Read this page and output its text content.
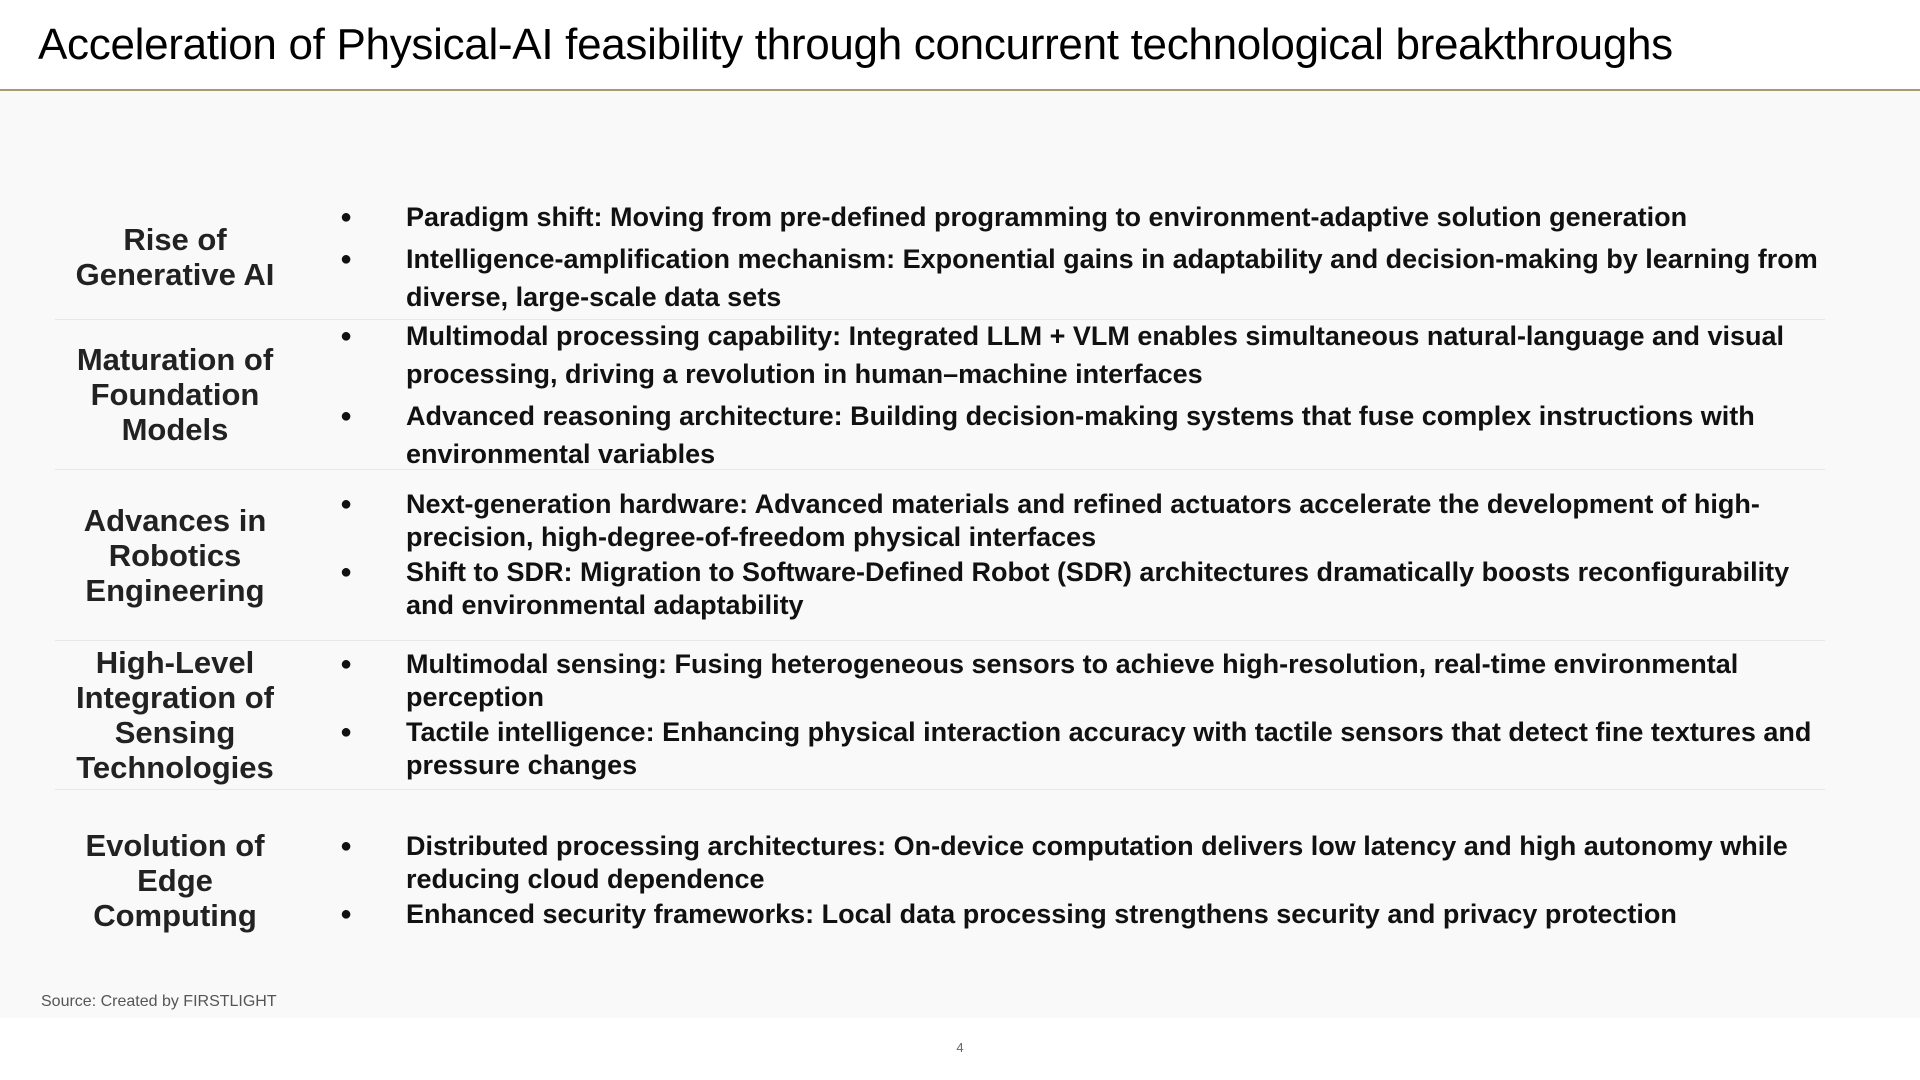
Acceleration of Physical-AI feasibility through concurrent technological breakthroughs
Rise of Generative AI
● Paradigm shift: Moving from pre-defined programming to environment-adaptive solution generation
● Intelligence-amplification mechanism: Exponential gains in adaptability and decision-making by learning from diverse, large-scale data sets
Maturation of Foundation Models
● Multimodal processing capability: Integrated LLM + VLM enables simultaneous natural-language and visual processing, driving a revolution in human–machine interfaces
● Advanced reasoning architecture: Building decision-making systems that fuse complex instructions with environmental variables
Advances in Robotics Engineering
● Next-generation hardware: Advanced materials and refined actuators accelerate the development of high-precision, high-degree-of-freedom physical interfaces
● Shift to SDR: Migration to Software-Defined Robot (SDR) architectures dramatically boosts reconfigurability and environmental adaptability
High-Level Integration of Sensing Technologies
● Multimodal sensing: Fusing heterogeneous sensors to achieve high-resolution, real-time environmental perception
● Tactile intelligence: Enhancing physical interaction accuracy with tactile sensors that detect fine textures and pressure changes
Evolution of Edge Computing
● Distributed processing architectures: On-device computation delivers low latency and high autonomy while reducing cloud dependence
● Enhanced security frameworks: Local data processing strengthens security and privacy protection
Source: Created by FIRSTLIGHT
4
